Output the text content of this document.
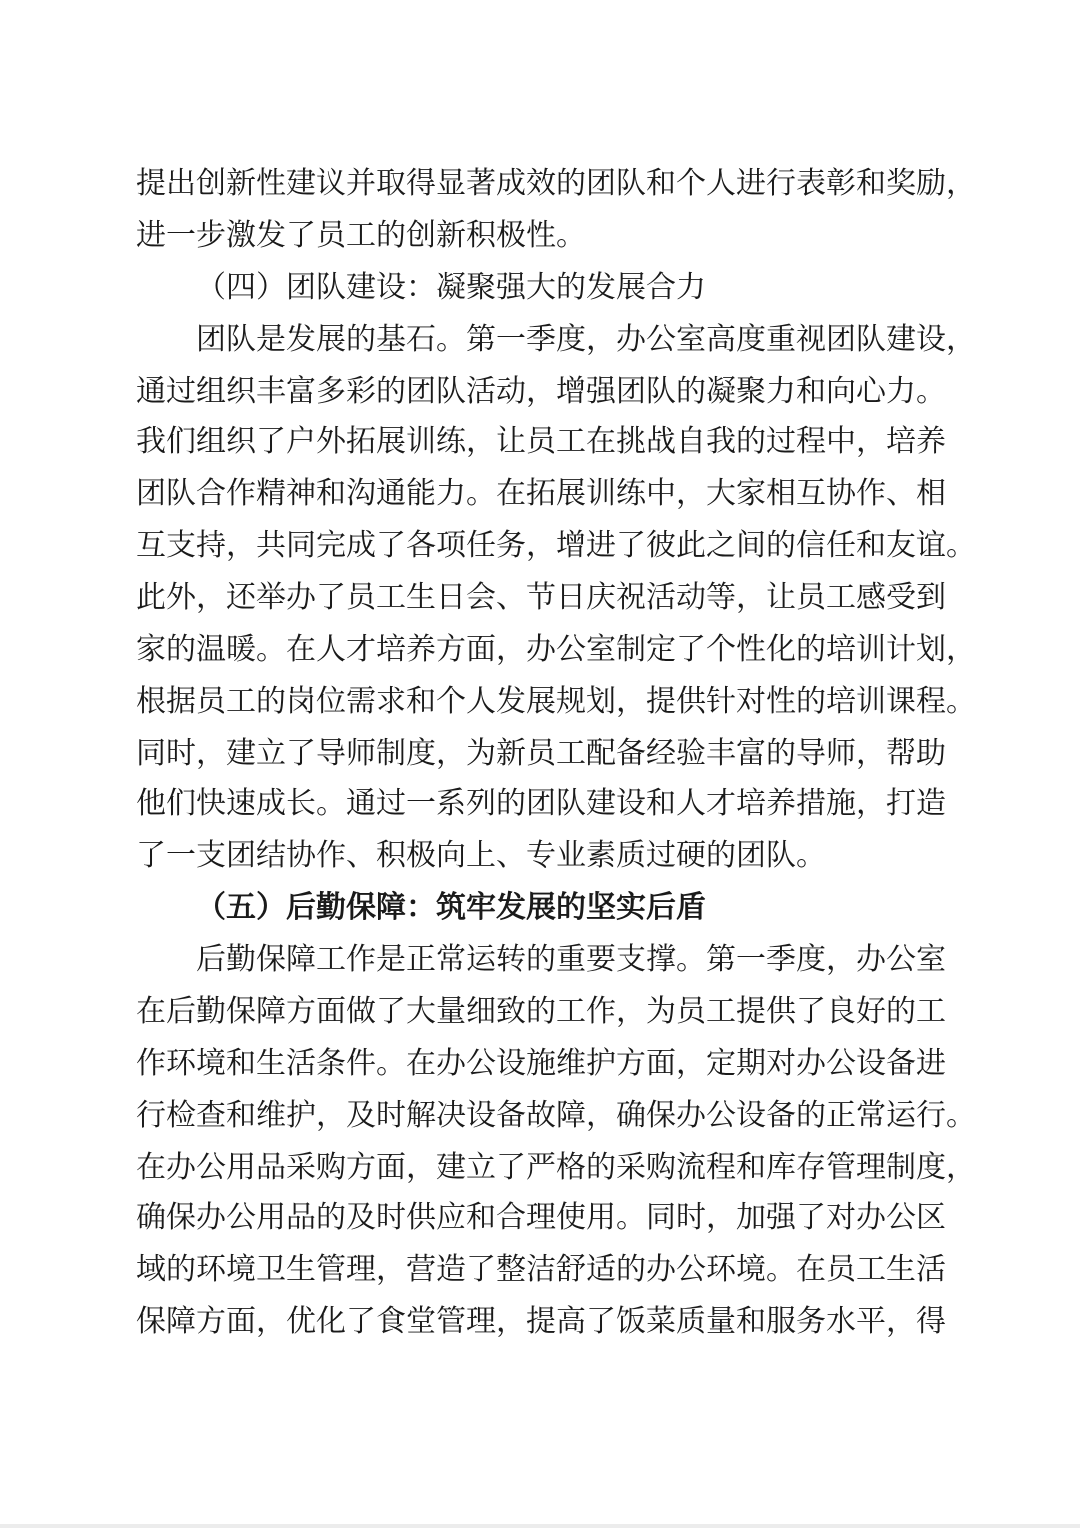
提出创新性建议并取得显著成效的团队和个人进行表彰和奖励，

进一步激发了员工的创新积极性。

（四）团队建设：凝聚强大的发展合力

团队是发展的基石。第一季度，办公室高度重视团队建设，

通过组织丰富多彩的团队活动，增强团队的凝聚力和向心力。

我们组织了户外拓展训练，让员工在挑战自我的过程中，培养

团队合作精神和沟通能力。在拓展训练中，大家相互协作、相

互支持，共同完成了各项任务，增进了彼此之间的信任和友谊。

此外，还举办了员工生日会、节日庆祝活动等，让员工感受到

家的温暖。在人才培养方面，办公室制定了个性化的培训计划，

根据员工的岗位需求和个人发展规划，提供针对性的培训课程。

同时，建立了导师制度，为新员工配备经验丰富的导师，帮助

他们快速成长。通过一系列的团队建设和人才培养措施，打造

了一支团结协作、积极向上、专业素质过硬的团队。

（五）后勤保障：筑牢发展的坚实后盾

后勤保障工作是正常运转的重要支撑。第一季度，办公室

在后勤保障方面做了大量细致的工作，为员工提供了良好的工

作环境和生活条件。在办公设施维护方面，定期对办公设备进

行检查和维护，及时解决设备故障，确保办公设备的正常运行。

在办公用品采购方面，建立了严格的采购流程和库存管理制度，

确保办公用品的及时供应和合理使用。同时，加强了对办公区

域的环境卫生管理，营造了整洁舒适的办公环境。在员工生活

保障方面，优化了食堂管理，提高了饭菜质量和服务水平，得
